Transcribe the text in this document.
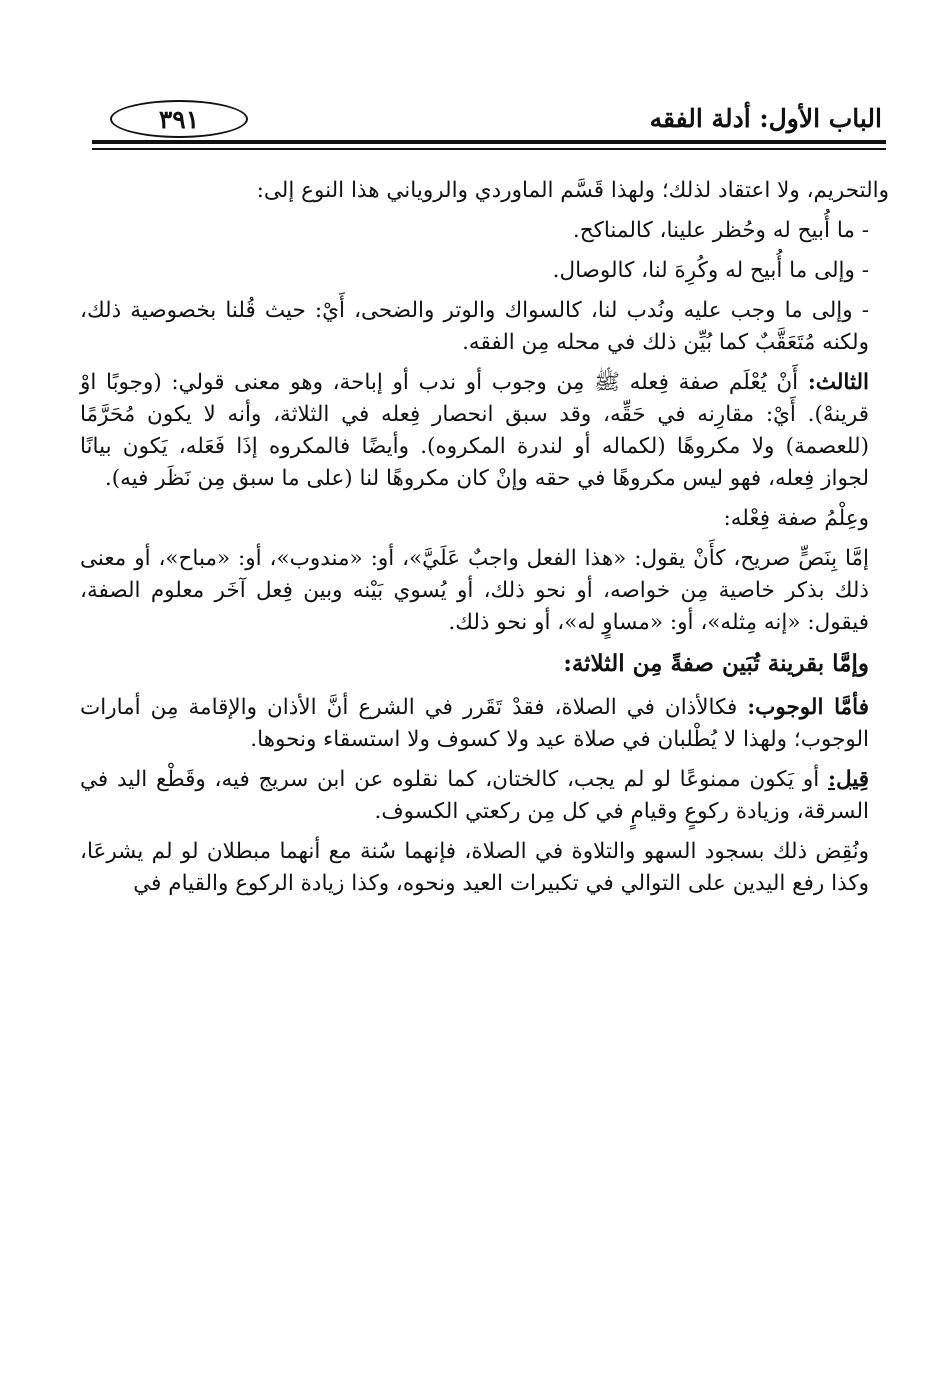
الباب الأول: أدلة الفقه
٣٩١

والتحريم، ولا اعتقاد لذلك؛ ولهذا قَسَّم الماوردي والروياني هذا النوع إلى:

- ما أُبيح له وحُظر علينا، كالمناكح.

- وإلى ما أُبيح له وكُرِهَ لنا، كالوصال.

- وإلى ما وجب عليه ونُدب لنا، كالسواك والوتر والضحى، أَيْ: حيث قُلنا بخصوصية ذلك، ولكنه مُتَعَقَّبٌ كما بُيِّن ذلك في محله مِن الفقه.

الثالث: أَنْ يُعْلَم صفة فِعله ﷺ مِن وجوب أو ندب أو إباحة، وهو معنى قولي: (وجوبًا اوْ قرينهْ). أَيْ: مقارِنه في حَقِّه، وقد سبق انحصار فِعله في الثلاثة، وأنه لا يكون مُحَرَّمًا (للعصمة) ولا مكروهًا (لكماله أو لندرة المكروه). وأيضًا فالمكروه إذَا فَعَله، يَكون بيانًا لجواز فِعله، فهو ليس مكروهًا في حقه وإنْ كان مكروهًا لنا (على ما سبق مِن نَظَر فيه).

وعِلْمُ صفة فِعْله:

إمَّا بِنَصٍّ صريح، كأَنْ يقول: «هذا الفعل واجبٌ عَلَيَّ»، أو: «مندوب»، أو: «مباح»، أو معنى ذلك بذكر خاصية مِن خواصه، أو نحو ذلك، أو يُسوي بَيْنه وبين فِعل آخَر معلوم الصفة، فيقول: «إنه مِثله»، أو: «مساوٍ له»، أو نحو ذلك.

وإمَّا بقرينة تُبَين صفةً مِن الثلاثة:

فأمَّا الوجوب: فكالأذان في الصلاة، فقدْ تَقَرر في الشرع أنَّ الأذان والإقامة مِن أمارات الوجوب؛ ولهذا لا يُطْلبان في صلاة عيد ولا كسوف ولا استسقاء ونحوها.

قِيل: أو يَكون ممنوعًا لو لم يجب، كالختان، كما نقلوه عن ابن سريج فيه، وقَطْع اليد في السرقة، وزيادة ركوعٍ وقيامٍ في كل مِن ركعتي الكسوف.

ونُقِض ذلك بسجود السهو والتلاوة في الصلاة، فإنهما سُنة مع أنهما مبطلان لو لم يشرعَا، وكذا رفع اليدين على التوالي في تكبيرات العيد ونحوه، وكذا زيادة الركوع والقيام في
